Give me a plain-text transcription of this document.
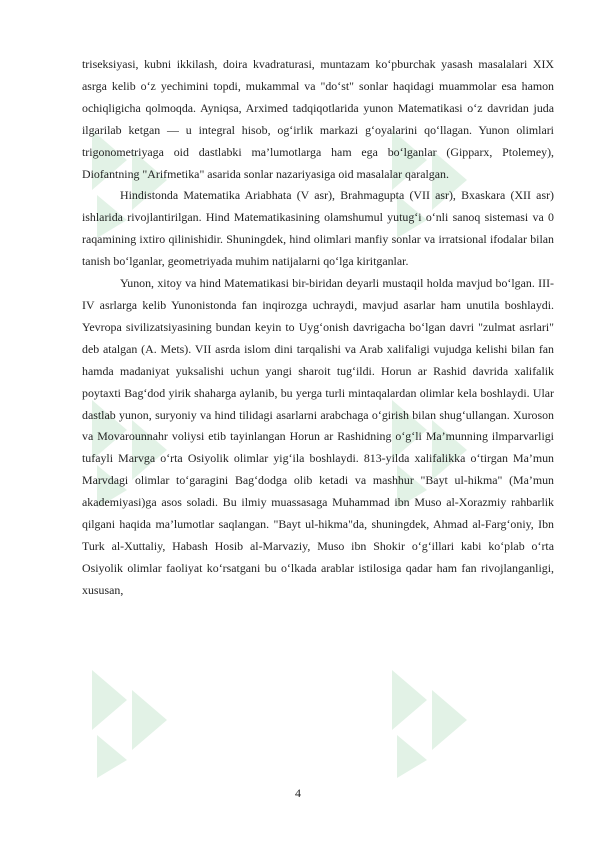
triseksiyasi, kubni ikkilash, doira kvadraturasi, muntazam ko‘pburchak yasash masalalari XIX asrga kelib o‘z yechimini topdi, mukammal va "do‘st" sonlar haqidagi muammolar esa hamon ochiqligicha qolmoqda. Ayniqsa, Arximed tadqiqotlarida yunon Matematikasi o‘z davridan juda ilgarilab ketgan — u integral hisob, og‘irlik markazi g‘oyalarini qo‘llagan. Yunon olimlari trigonometriyaga oid dastlabki ma’lumotlarga ham ega bo‘lganlar (Gipparx, Ptolemey), Diofantning "Arifmetika" asarida sonlar nazariyasiga oid masalalar qaralgan.

Hindistonda Matematika Ariabhata (V asr), Brahmagupta (VII asr), Bxaskara (XII asr) ishlarida rivojlantirilgan. Hind Matematikasining olamshumul yutug‘i o‘nli sanoq sistemasi va 0 raqamining ixtiro qilinishidir. Shuningdek, hind olimlari manfiy sonlar va irratsional ifodalar bilan tanish bo‘lganlar, geometriyada muhim natijalarni qo‘lga kiritganlar.

Yunon, xitoy va hind Matematikasi bir-biridan deyarli mustaqil holda mavjud bo‘lgan. III-IV asrlarga kelib Yunonistonda fan inqirozga uchraydi, mavjud asarlar ham unutila boshlaydi. Yevropa sivilizatsiyasining bundan keyin to Uyg‘onish davrigacha bo‘lgan davri "zulmat asrlari" deb atalgan (A. Mets). VII asrda islom dini tarqalishi va Arab xalifaligi vujudga kelishi bilan fan hamda madaniyat yuksalishi uchun yangi sharoit tug‘ildi. Horun ar Rashid davrida xalifalik poytaxti Bag‘dod yirik shaharga aylanib, bu yerga turli mintaqalardan olimlar kela boshlaydi. Ular dastlab yunon, suryoniy va hind tilidagi asarlarni arabchaga o‘girish bilan shug‘ullangan. Xuroson va Movarounnahr voliysi etib tayinlangan Horun ar Rashidning o‘g‘li Ma’munning ilmparvarligi tufayli Marvga o‘rta Osiyolik olimlar yig‘ila boshlaydi. 813-yilda xalifalikka o‘tirgan Ma’mun Marvdagi olimlar to‘garagini Bag‘dodga olib ketadi va mashhur "Bayt ul-hikma" (Ma’mun akademiyasi)ga asos soladi. Bu ilmiy muassasaga Muhammad ibn Muso al-Xorazmiy rahbarlik qilgani haqida ma’lumotlar saqlangan. "Bayt ul-hikma"da, shuningdek, Ahmad al-Farg‘oniy, Ibn Turk al-Xuttaliy, Habash Hosib al-Marvaziy, Muso ibn Shokir o‘g‘illari kabi ko‘plab o‘rta Osiyolik olimlar faoliyat ko‘rsatgani bu o‘lkada arablar istilosiga qadar ham fan rivojlanganligi, xususan,

4
